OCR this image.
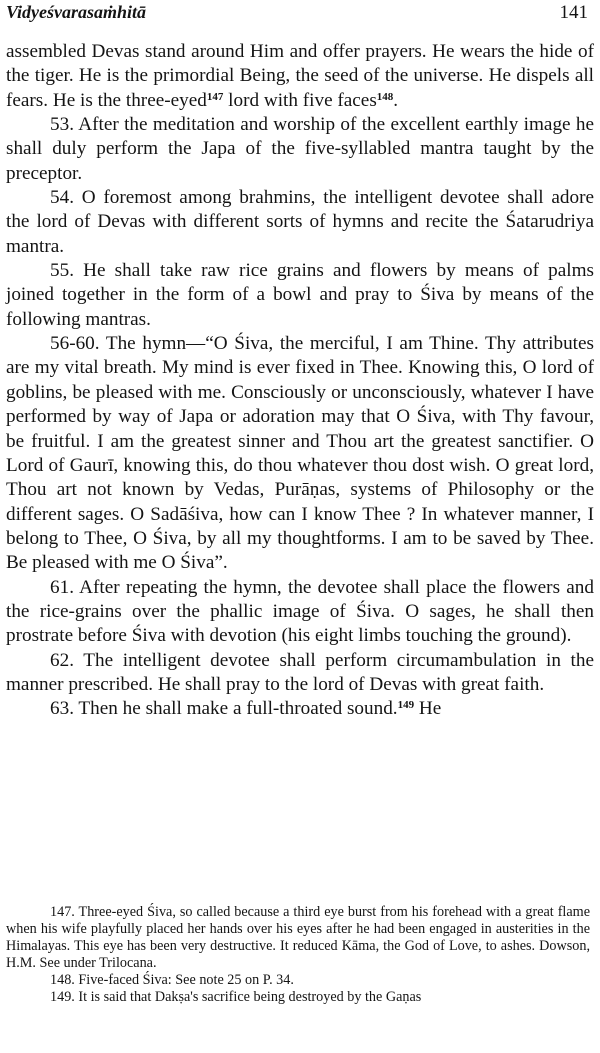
Vidyeśvarasaṁhitā	141

assembled Devas stand around Him and offer prayers. He wears the hide of the tiger. He is the primordial Being, the seed of the universe. He dispels all fears. He is the three-eyed$^{147}$ lord with five faces$^{148}$.

53. After the meditation and worship of the excellent earthly image he shall duly perform the Japa of the five-syllabled mantra taught by the preceptor.

54. O foremost among brahmins, the intelligent devotee shall adore the lord of Devas with different sorts of hymns and recite the Śatarudriya mantra.

55. He shall take raw rice grains and flowers by means of palms joined together in the form of a bowl and pray to Śiva by means of the following mantras.

56-60. The hymn—“O Śiva, the merciful, I am Thine. Thy attributes are my vital breath. My mind is ever fixed in Thee. Knowing this, O lord of goblins, be pleased with me. Consciously or unconsciously, whatever I have performed by way of Japa or adoration may that O Śiva, with Thy favour, be fruitful. I am the greatest sinner and Thou art the greatest sanctifier. O Lord of Gaurī, knowing this, do thou whatever thou dost wish. O great lord, Thou art not known by Vedas, Purāṇas, systems of Philosophy or the different sages. O Sadāśiva, how can I know Thee ? In whatever manner, I belong to Thee, O Śiva, by all my thoughtforms. I am to be saved by Thee. Be pleased with me O Śiva”.

61. After repeating the hymn, the devotee shall place the flowers and the rice-grains over the phallic image of Śiva. O sages, he shall then prostrate before Śiva with devotion (his eight limbs touching the ground).

62. The intelligent devotee shall perform circumambulation in the manner prescribed. He shall pray to the lord of Devas with great faith.

63. Then he shall make a full-throated sound.$^{149}$ He

147. Three-eyed Śiva, so called because a third eye burst from his forehead with a great flame when his wife playfully placed her hands over his eyes after he had been engaged in austerities in the Himalayas. This eye has been very destructive. It reduced Kāma, the God of Love, to ashes. Dowson, H.M. See under Trilocana.

148. Five-faced Śiva: See note 25 on P. 34.

149. It is said that Dakṣa's sacrifice being destroyed by the Gaṇas
